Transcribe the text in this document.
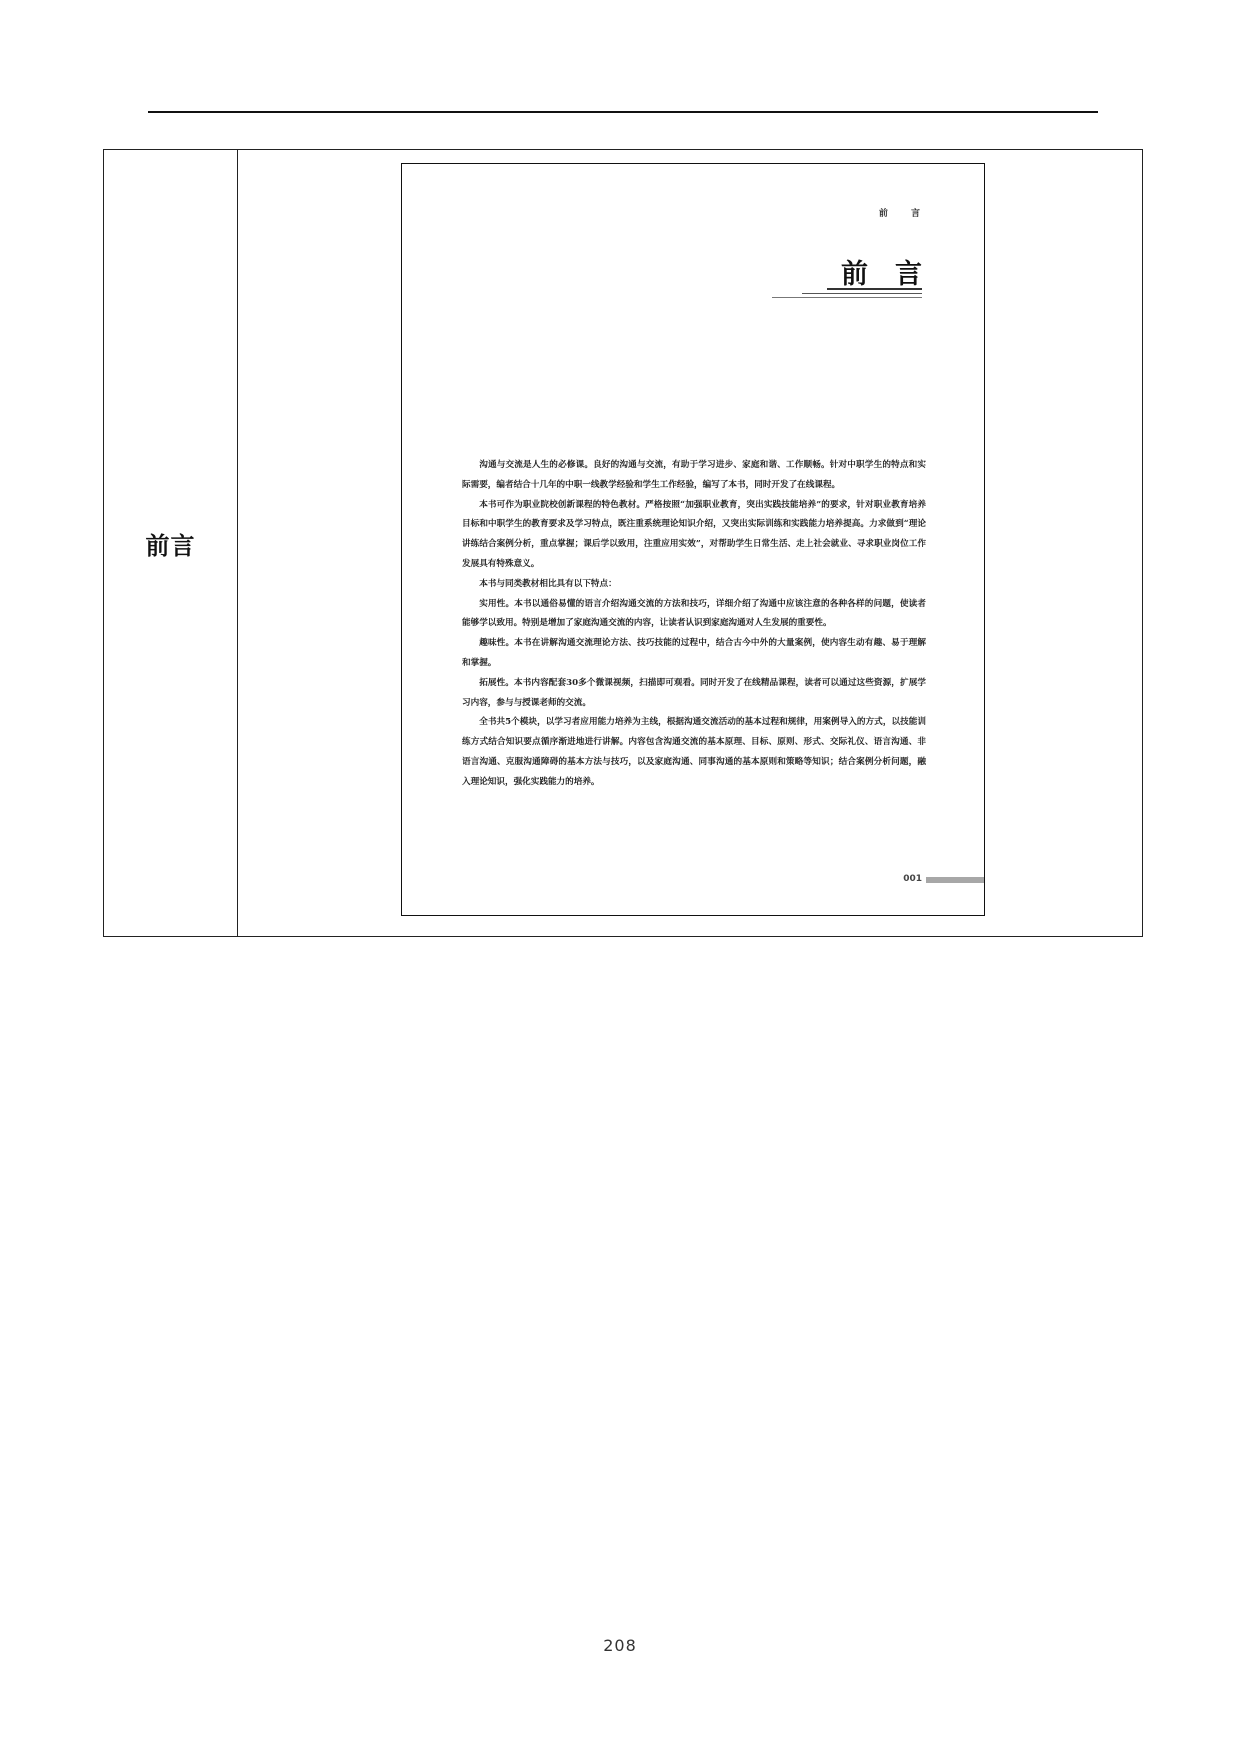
前言
前 言
前　言

沟通与交流是人生的必修课。良好的沟通与交流，有助于学习进步、家庭和谐、工作顺畅。针对中职学生的特点和实际需要，编者结合十几年的中职一线教学经验和学生工作经验，编写了本书，同时开发了在线课程。

本书可作为职业院校创新课程的特色教材。严格按照“加强职业教育，突出实践技能培养”的要求，针对职业教育培养目标和中职学生的教育要求及学习特点，既注重系统理论知识介绍，又突出实际训练和实践能力培养提高。力求做到“理论讲练结合案例分析，重点掌握；课后学以致用，注重应用实效”，对帮助学生日常生活、走上社会就业、寻求职业岗位工作发展具有特殊意义。

本书与同类教材相比具有以下特点：

实用性。本书以通俗易懂的语言介绍沟通交流的方法和技巧，详细介绍了沟通中应该注意的各种各样的问题，使读者能够学以致用。特别是增加了家庭沟通交流的内容，让读者认识到家庭沟通对人生发展的重要性。

趣味性。本书在讲解沟通交流理论方法、技巧技能的过程中，结合古今中外的大量案例，使内容生动有趣、易于理解和掌握。

拓展性。本书内容配套30多个微课视频，扫描即可观看。同时开发了在线精品课程，读者可以通过这些资源，扩展学习内容，参与与授课老师的交流。

全书共5个模块，以学习者应用能力培养为主线，根据沟通交流活动的基本过程和规律，用案例导入的方式，以技能训练方式结合知识要点循序渐进地进行讲解。内容包含沟通交流的基本原理、目标、原则、形式、交际礼仪、语言沟通、非语言沟通、克服沟通障碍的基本方法与技巧，以及家庭沟通、同事沟通的基本原则和策略等知识；结合案例分析问题，融入理论知识，强化实践能力的培养。

001
208
